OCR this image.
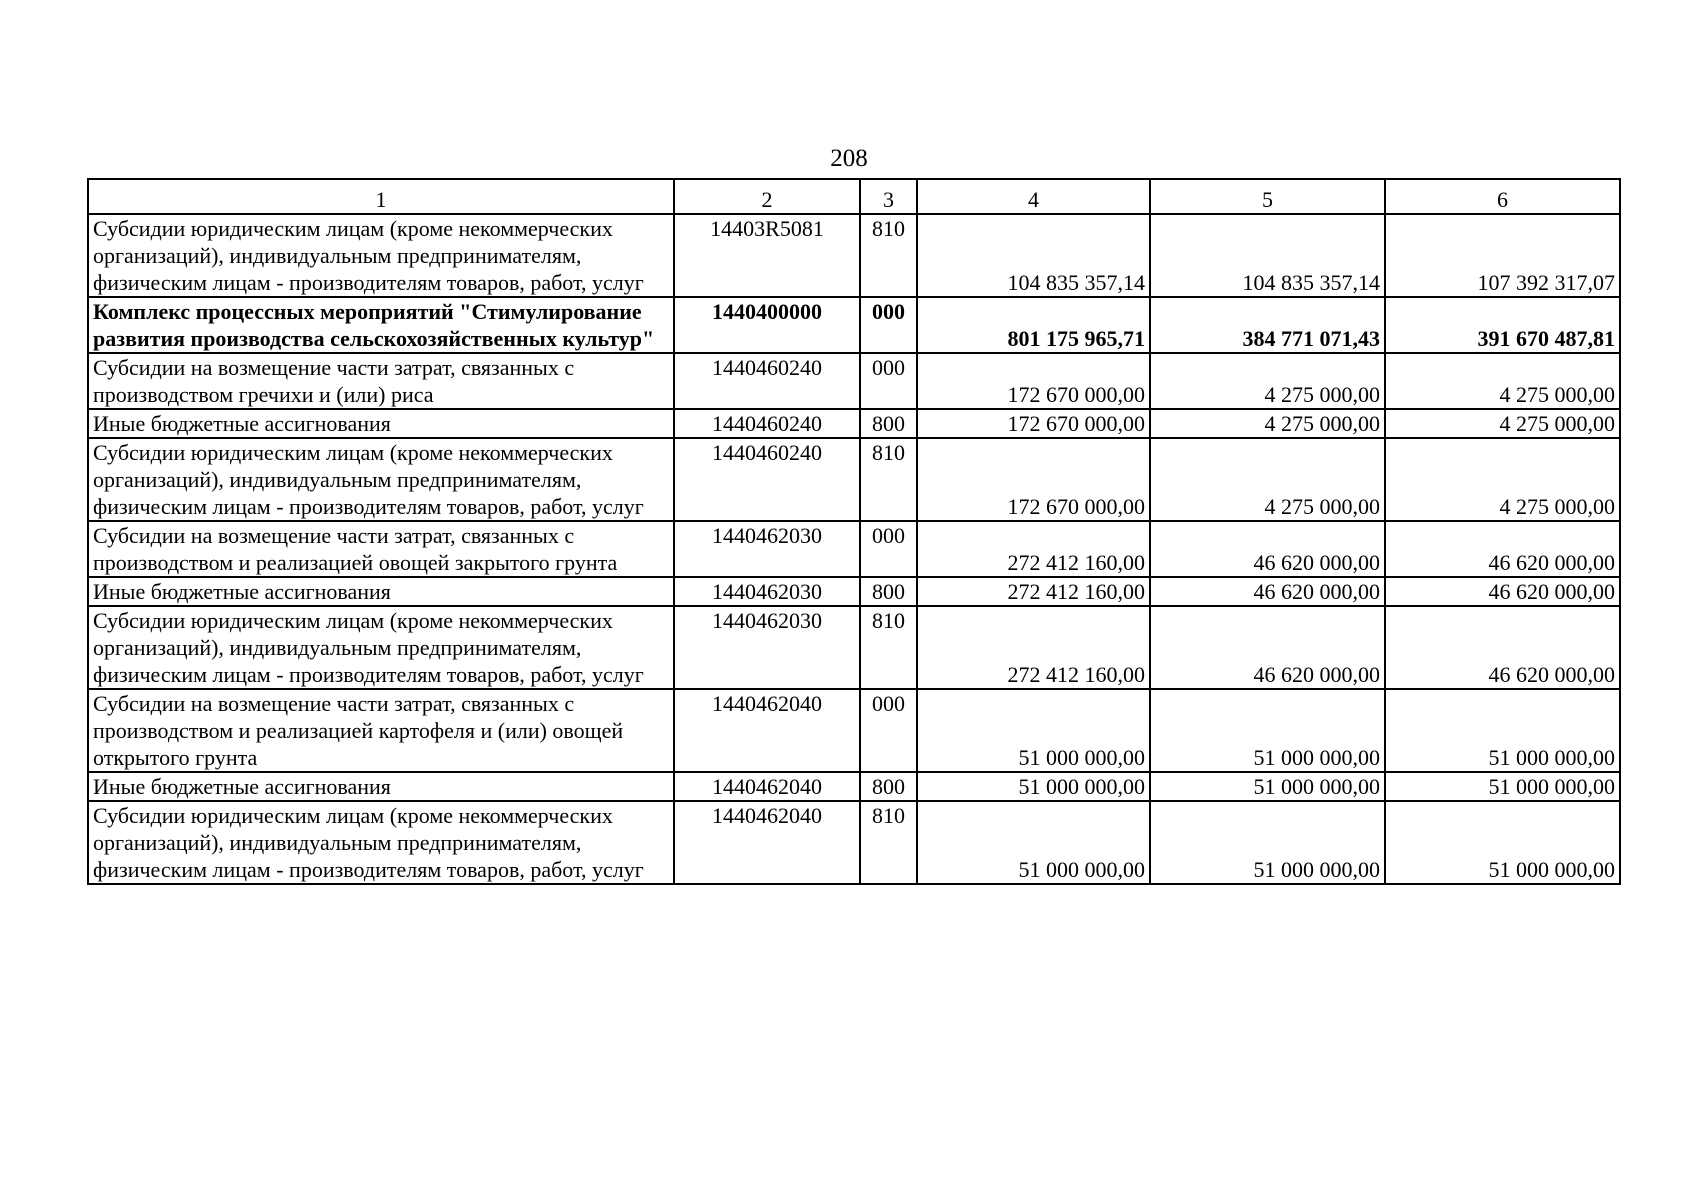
208
1	2	3	4	5	6
Субсидии юридическим лицам (кроме некоммерческих организаций), индивидуальным предпринимателям, физическим лицам - производителям товаров, работ, услуг	14403R5081	810	104 835 357,14	104 835 357,14	107 392 317,07
Комплекс процессных мероприятий "Стимулирование развития производства сельскохозяйственных культур"	1440400000	000	801 175 965,71	384 771 071,43	391 670 487,81
Субсидии на возмещение части затрат, связанных с производством гречихи и (или) риса	1440460240	000	172 670 000,00	4 275 000,00	4 275 000,00
Иные бюджетные ассигнования	1440460240	800	172 670 000,00	4 275 000,00	4 275 000,00
Субсидии юридическим лицам (кроме некоммерческих организаций), индивидуальным предпринимателям, физическим лицам - производителям товаров, работ, услуг	1440460240	810	172 670 000,00	4 275 000,00	4 275 000,00
Субсидии на возмещение части затрат, связанных с производством и реализацией овощей закрытого грунта	1440462030	000	272 412 160,00	46 620 000,00	46 620 000,00
Иные бюджетные ассигнования	1440462030	800	272 412 160,00	46 620 000,00	46 620 000,00
Субсидии юридическим лицам (кроме некоммерческих организаций), индивидуальным предпринимателям, физическим лицам - производителям товаров, работ, услуг	1440462030	810	272 412 160,00	46 620 000,00	46 620 000,00
Субсидии на возмещение части затрат, связанных с производством и реализацией картофеля и (или) овощей открытого грунта	1440462040	000	51 000 000,00	51 000 000,00	51 000 000,00
Иные бюджетные ассигнования	1440462040	800	51 000 000,00	51 000 000,00	51 000 000,00
Субсидии юридическим лицам (кроме некоммерческих организаций), индивидуальным предпринимателям, физическим лицам - производителям товаров, работ, услуг	1440462040	810	51 000 000,00	51 000 000,00	51 000 000,00
